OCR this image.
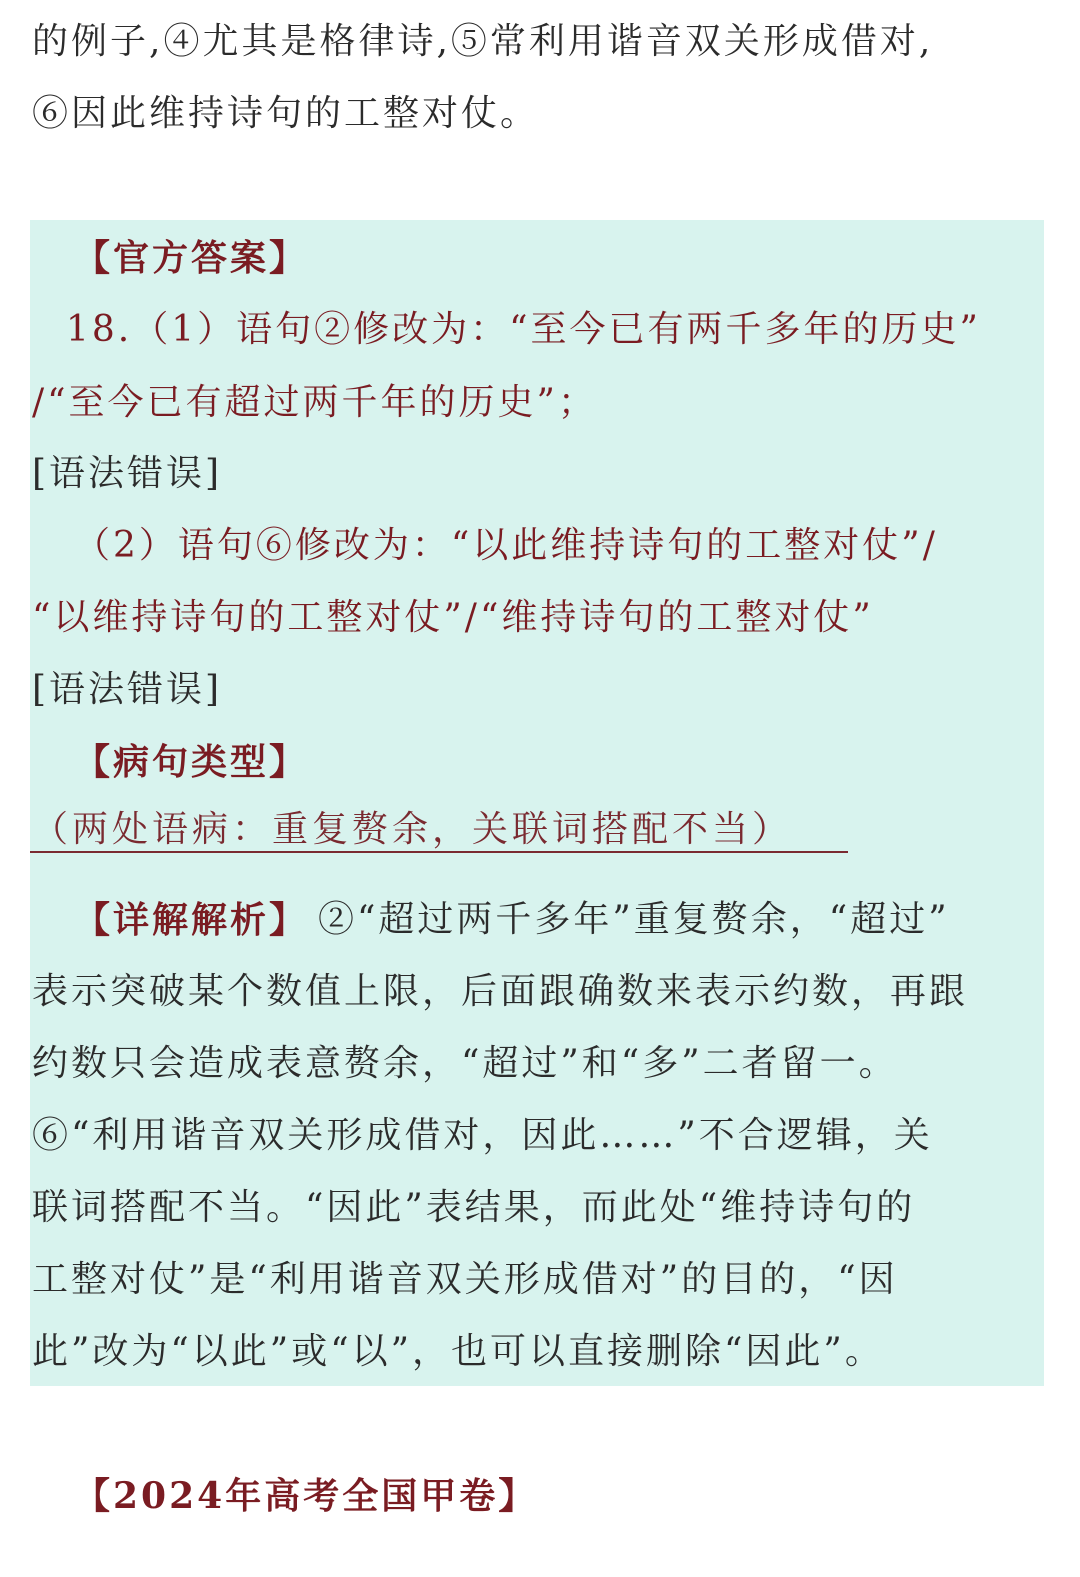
的例子,④尤其是格律诗,⑤常利用谐音双关形成借对,
⑥因此维持诗句的工整对仗。
【官方答案】
18.（1）语句②修改为：“至今已有两千多年的历史”
/“至今已有超过两千年的历史”；
[语法错误]
（2）语句⑥修改为：“以此维持诗句的工整对仗”/
“以维持诗句的工整对仗”/“维持诗句的工整对仗”
[语法错误]
【病句类型】
（两处语病：重复赘余，关联词搭配不当）
【详解解析】 ②“超过两千多年”重复赘余，“超过”
表示突破某个数值上限，后面跟确数来表示约数，再跟
约数只会造成表意赘余，“超过”和“多”二者留一。
⑥“利用谐音双关形成借对，因此……”不合逻辑，关
联词搭配不当。“因此”表结果，而此处“维持诗句的
工整对仗”是“利用谐音双关形成借对”的目的，“因
此”改为“以此”或“以”，也可以直接删除“因此”。
【2024年高考全国甲卷】
